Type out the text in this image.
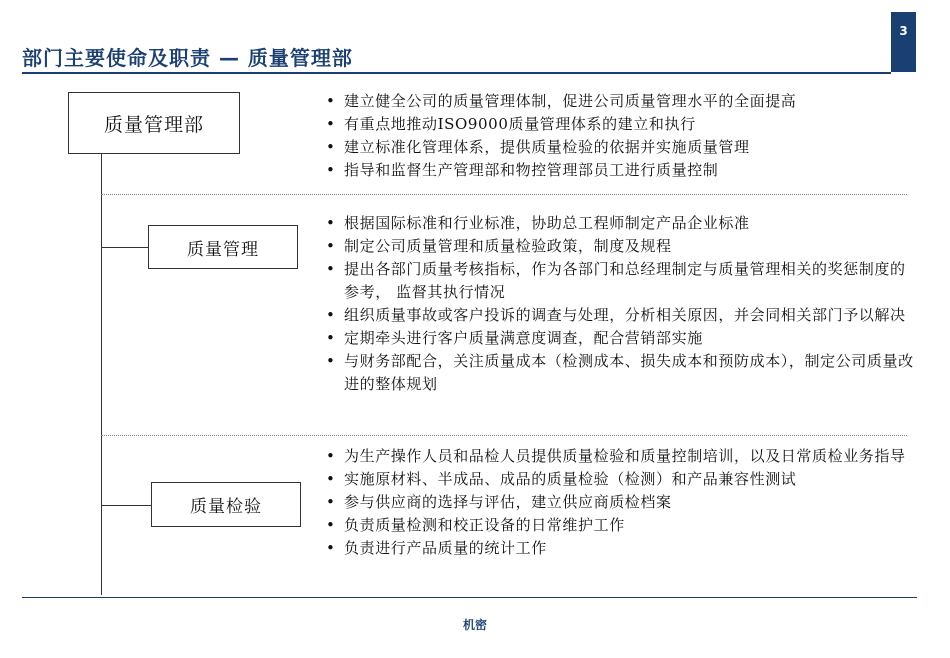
3
部门主要使命及职责 — 质量管理部
质量管理部
质量管理
质量检验
• 建立健全公司的质量管理体制，促进公司质量管理水平的全面提高
• 有重点地推动ISO9000质量管理体系的建立和执行
• 建立标准化管理体系，提供质量检验的依据并实施质量管理
• 指导和监督生产管理部和物控管理部员工进行质量控制
• 根据国际标准和行业标准，协助总工程师制定产品企业标准
• 制定公司质量管理和质量检验政策，制度及规程
• 提出各部门质量考核指标，作为各部门和总经理制定与质量管理相关的奖惩制度的参考， 监督其执行情况
• 组织质量事故或客户投诉的调查与处理，分析相关原因，并会同相关部门予以解决
• 定期牵头进行客户质量满意度调查，配合营销部实施
• 与财务部配合，关注质量成本（检测成本、损失成本和预防成本），制定公司质量改进的整体规划
• 为生产操作人员和品检人员提供质量检验和质量控制培训，以及日常质检业务指导
• 实施原材料、半成品、成品的质量检验（检测）和产品兼容性测试
• 参与供应商的选择与评估，建立供应商质检档案
• 负责质量检测和校正设备的日常维护工作
• 负责进行产品质量的统计工作
机密
